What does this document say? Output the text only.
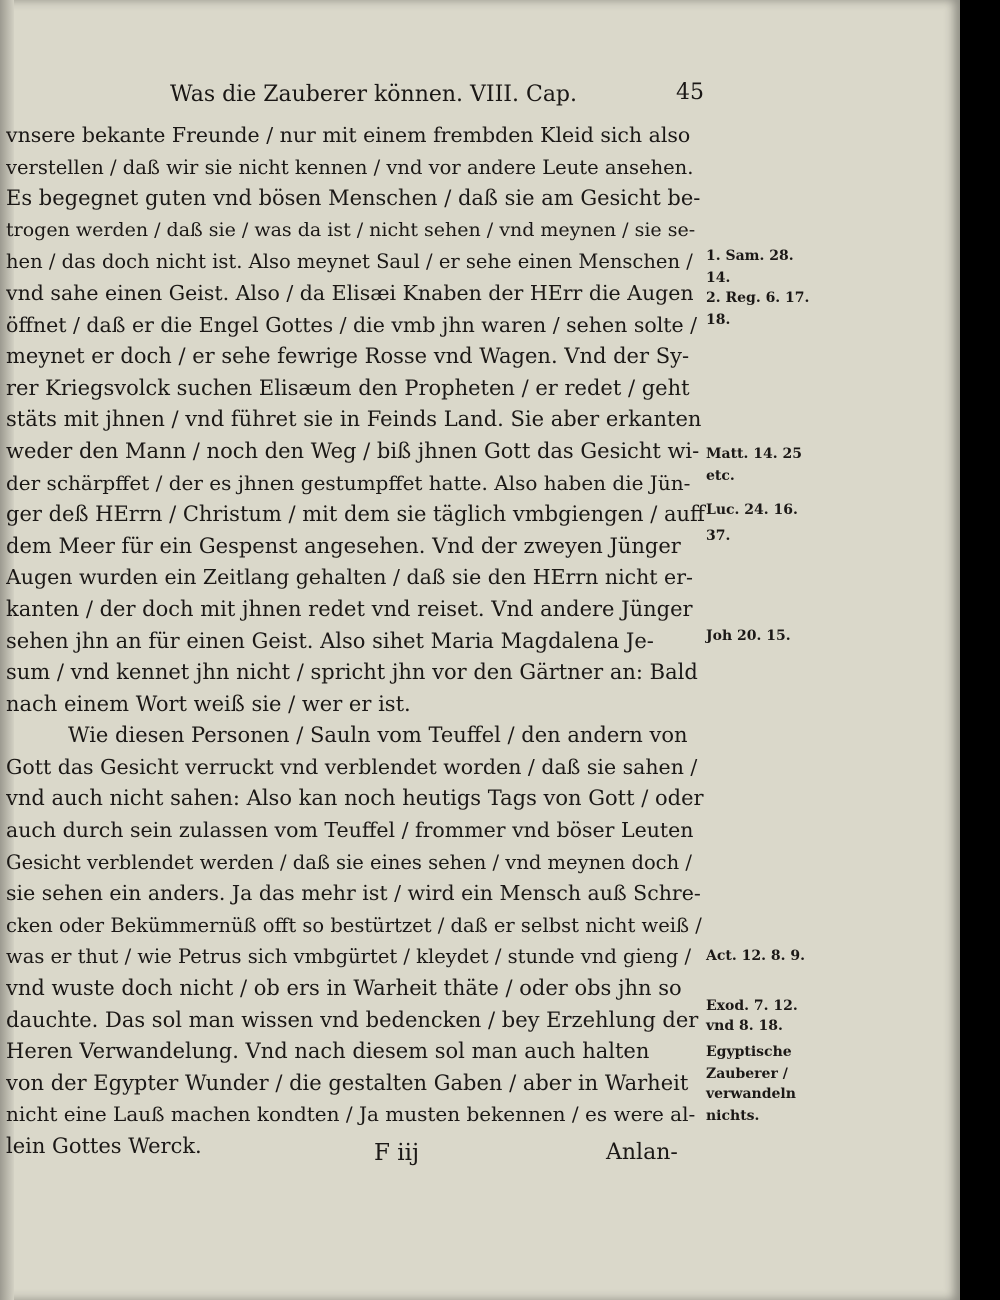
Was die Zauberer können. VIII. Cap.	45
vnsere bekante Freunde / nur mit einem frembden Kleid sich also
verstellen / daß wir sie nicht kennen / vnd vor andere Leute ansehen.
Es begegnet guten vnd bösen Menschen / daß sie am Gesicht be-
trogen werden / daß sie / was da ist / nicht sehen / vnd meynen / sie se-
hen / das doch nicht ist. Also meynet Saul / er sehe einen Menschen /
vnd sahe einen Geist. Also / da Elisæi Knaben der HErr die Augen
öffnet / daß er die Engel Gottes / die vmb jhn waren / sehen solte /
meynet er doch / er sehe fewrige Rosse vnd Wagen. Vnd der Sy-
rer Kriegsvolck suchen Elisæum den Propheten / er redet / geht
stäts mit jhnen / vnd führet sie in Feinds Land. Sie aber erkanten
weder den Mann / noch den Weg / biß jhnen Gott das Gesicht wi-
der schärpffet / der es jhnen gestumpffet hatte. Also haben die Jün-
ger deß HErrn / Christum / mit dem sie täglich vmbgiengen / auff
dem Meer für ein Gespenst angesehen. Vnd der zweyen Jünger
Augen wurden ein Zeitlang gehalten / daß sie den HErrn nicht er-
kanten / der doch mit jhnen redet vnd reiset. Vnd andere Jünger
sehen jhn an für einen Geist. Also sihet Maria Magdalena Je-
sum / vnd kennet jhn nicht / spricht jhn vor den Gärtner an: Bald
nach einem Wort weiß sie / wer er ist.
Wie diesen Personen / Sauln vom Teuffel / den andern von
Gott das Gesicht verruckt vnd verblendet worden / daß sie sahen /
vnd auch nicht sahen: Also kan noch heutigs Tags von Gott / oder
auch durch sein zulassen vom Teuffel / frommer vnd böser Leuten
Gesicht verblendet werden / daß sie eines sehen / vnd meynen doch /
sie sehen ein anders. Ja das mehr ist / wird ein Mensch auß Schre-
cken oder Bekümmernüß offt so bestürtzet / daß er selbst nicht weiß /
was er thut / wie Petrus sich vmbgürtet / kleydet / stunde vnd gieng /
vnd wuste doch nicht / ob ers in Warheit thäte / oder obs jhn so
dauchte. Das sol man wissen vnd bedencken / bey Erzehlung der
Heren Verwandelung. Vnd nach diesem sol man auch halten
von der Egypter Wunder / die gestalten Gaben / aber in Warheit
nicht eine Lauß machen kondten / Ja musten bekennen / es were al-
lein Gottes Werck.
1. Sam. 28.
14.
2. Reg. 6. 17.
18.
Matt. 14. 25
etc.
Luc. 24. 16.
37.
Joh 20. 15.
Act. 12. 8. 9.
Exod. 7. 12.
vnd 8. 18.
Egyptische
Zauberer /
verwandeln
nichts.
F iij	Anlan-
